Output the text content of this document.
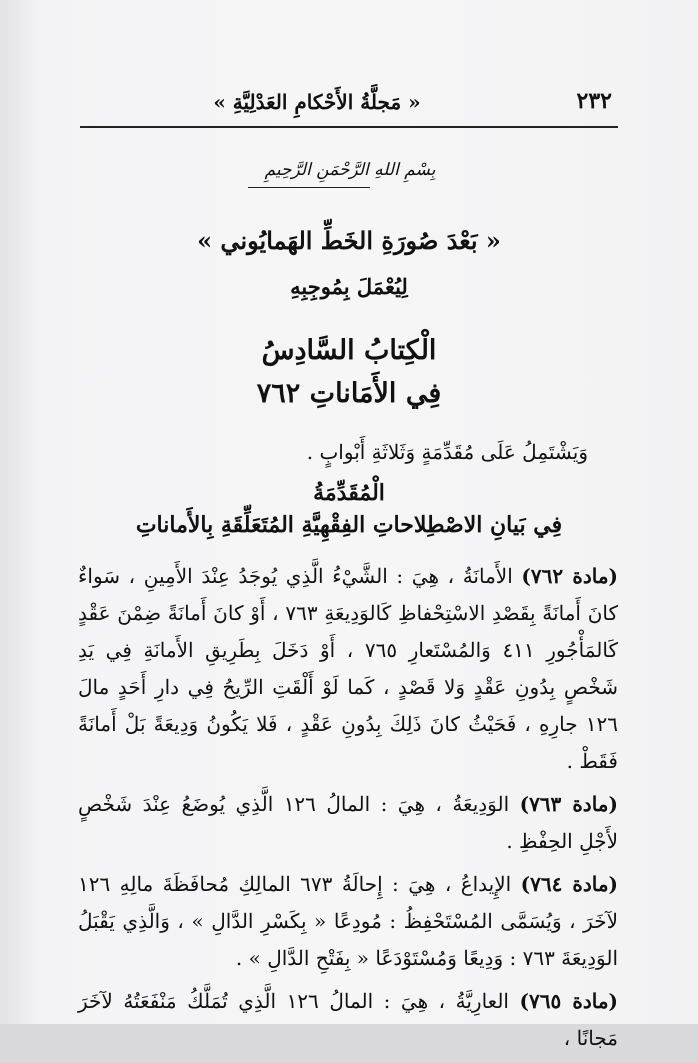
٢٣٢
« مَجلَّةُ الأَحْكامِ العَدْلِيَّةِ »
بِسْمِ اللهِ الرَّحْمَنِ الرَّحِيمِ
« بَعْدَ صُورَةِ الخَطِّ الهَمايُوني »
لِيُعْمَلَ بِمُوجِبِهِ
الْكِتابُ السَّادِسُ
فِي الأَمَاناتِ ٧٦٢
وَيَشْتَمِلُ عَلَى مُقَدِّمَةٍ وَثَلاثَةِ أَبْوابٍ .
الْمُقَدِّمَةُ
فِي بَيانِ الاصْطِلاحاتِ الفِقْهِيَّةِ المُتَعَلِّقَةِ بِالأَماناتِ

(مادة ٧٦٢) الأَمانَةُ ، هِيَ : الشَّيْءُ الَّذِي يُوجَدُ عِنْدَ الأَمِينِ ، سَواءٌ كانَ أَمانَةً بِقَصْدِ الاسْتِحْفاظِ كَالوَدِيعَةِ ٧٦٣ ، أَوْ كانَ أَمانَةً ضِمْنَ عَقْدٍ كَالمَأْجُورِ ٤١١ وَالمُسْتَعارِ ٧٦٥ ، أَوْ دَخَلَ بِطَرِيقِ الأَمانَةِ فِي يَدِ شَخْصٍ بِدُونِ عَقْدٍ وَلا قَصْدٍ ، كَما لَوْ أَلْقَتِ الرِّيحُ فِي دارِ أَحَدٍ مالَ ١٢٦ جارِهِ ، فَحَيْثُ كانَ ذَلِكَ بِدُونِ عَقْدٍ ، فَلا يَكُونُ وَدِيعَةً بَلْ أَمانَةً فَقَطْ .

(مادة ٧٦٣) الوَدِيعَةُ ، هِيَ : المالُ ١٢٦ الَّذِي يُوضَعُ عِنْدَ شَخْصٍ لأَجْلِ الحِفْظِ .

(مادة ٧٦٤) الإِيداعُ ، هِيَ : إِحالَةُ ٦٧٣ المالِكِ مُحافَظَةَ مالِهِ ١٢٦ لآخَرَ ، وَيُسَمَّى المُسْتَحْفِظُ : مُودِعًا « بِكَسْرِ الدَّالِ » ، وَالَّذِي يَقْبَلُ الوَدِيعَةَ ٧٦٣ : وَدِيعًا وَمُسْتَوْدَعًا « بِفَتْحِ الدَّالِ » .

(مادة ٧٦٥) العارِيَّةُ ، هِيَ : المالُ ١٢٦ الَّذِي تُمَلَّكُ مَنْفَعَتُهُ لآخَرَ مَجانًا ،
